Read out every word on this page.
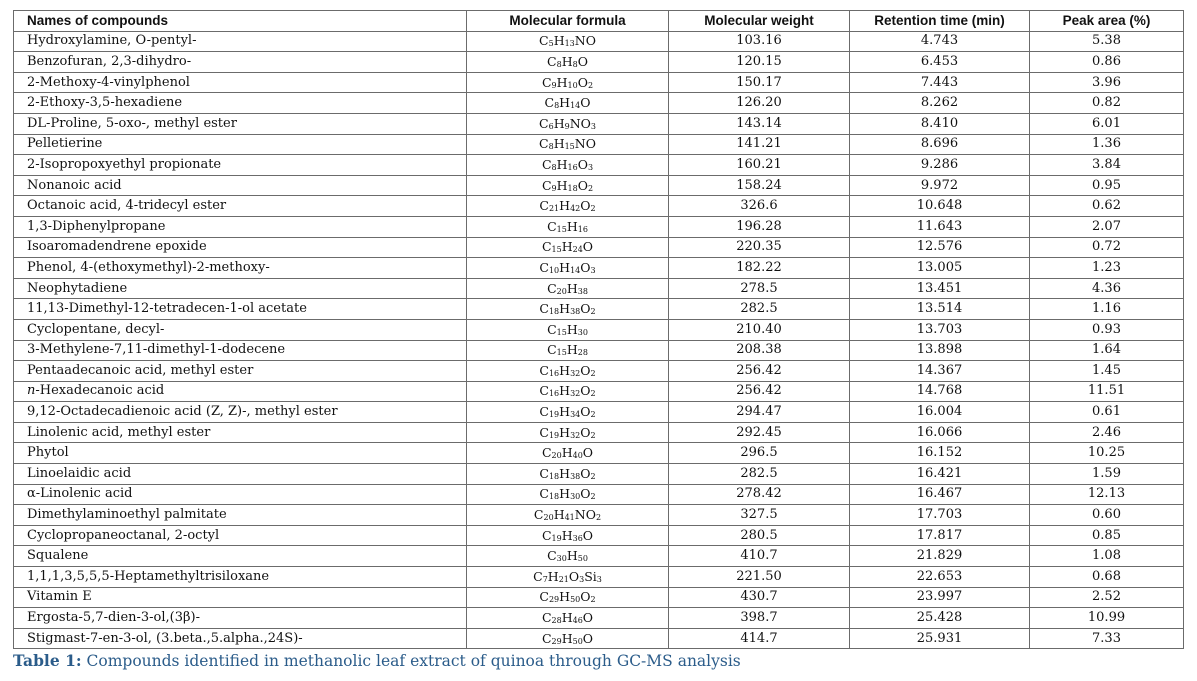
Names of compounds	Molecular formula	Molecular weight	Retention time (min)	Peak area (%)
Hydroxylamine, O-pentyl-	$C_5H_{13}NO$	103.16	4.743	5.38
Benzofuran, 2,3-dihydro-	$C_8H_8O$	120.15	6.453	0.86
2-Methoxy-4-vinylphenol	$C_9H_{10}O_2$	150.17	7.443	3.96
2-Ethoxy-3,5-hexadiene	$C_8H_{14}O$	126.20	8.262	0.82
DL-Proline, 5-oxo-, methyl ester	$C_6H_9NO_3$	143.14	8.410	6.01
Pelletierine	$C_8H_{15}NO$	141.21	8.696	1.36
2-Isopropoxyethyl propionate	$C_8H_{16}O_3$	160.21	9.286	3.84
Nonanoic acid	$C_9H_{18}O_2$	158.24	9.972	0.95
Octanoic acid, 4-tridecyl ester	$C_{21}H_{42}O_2$	326.6	10.648	0.62
1,3-Diphenylpropane	$C_{15}H_{16}$	196.28	11.643	2.07
Isoaromadendrene epoxide	$C_{15}H_{24}O$	220.35	12.576	0.72
Phenol, 4-(ethoxymethyl)-2-methoxy-	$C_{10}H_{14}O_3$	182.22	13.005	1.23
Neophytadiene	$C_{20}H_{38}$	278.5	13.451	4.36
11,13-Dimethyl-12-tetradecen-1-ol acetate	$C_{18}H_{38}O_2$	282.5	13.514	1.16
Cyclopentane, decyl-	$C_{15}H_{30}$	210.40	13.703	0.93
3-Methylene-7,11-dimethyl-1-dodecene	$C_{15}H_{28}$	208.38	13.898	1.64
Pentaadecanoic acid, methyl ester	$C_{16}H_{32}O_2$	256.42	14.367	1.45
n-Hexadecanoic acid	$C_{16}H_{32}O_2$	256.42	14.768	11.51
9,12-Octadecadienoic acid (Z, Z)-, methyl ester	$C_{19}H_{34}O_2$	294.47	16.004	0.61
Linolenic acid, methyl ester	$C_{19}H_{32}O_2$	292.45	16.066	2.46
Phytol	$C_{20}H_{40}O$	296.5	16.152	10.25
Linoelaidic acid	$C_{18}H_{38}O_2$	282.5	16.421	1.59
α-Linolenic acid	$C_{18}H_{30}O_2$	278.42	16.467	12.13
Dimethylaminoethyl palmitate	$C_{20}H_{41}NO_2$	327.5	17.703	0.60
Cyclopropaneoctanal, 2-octyl	$C_{19}H_{36}O$	280.5	17.817	0.85
Squalene	$C_{30}H_{50}$	410.7	21.829	1.08
1,1,1,3,5,5,5-Heptamethyltrisiloxane	$C_7H_{21}O_3Si_3$	221.50	22.653	0.68
Vitamin E	$C_{29}H_{50}O_2$	430.7	23.997	2.52
Ergosta-5,7-dien-3-ol,(3β)-	$C_{28}H_{46}O$	398.7	25.428	10.99
Stigmast-7-en-3-ol, (3.beta.,5.alpha.,24S)-	$C_{29}H_{50}O$	414.7	25.931	7.33
Table 1: Compounds identified in methanolic leaf extract of quinoa through GC-MS analysis
